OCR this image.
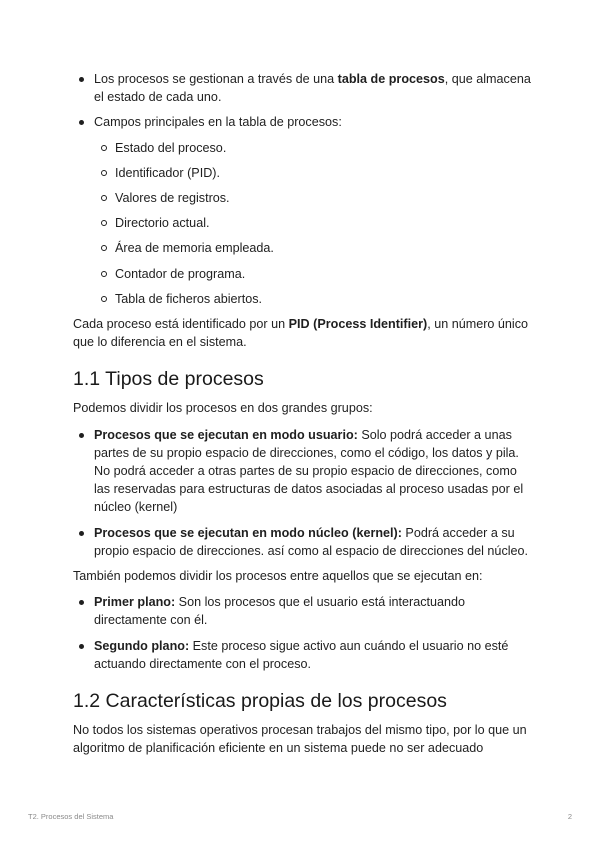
Los procesos se gestionan a través de una tabla de procesos, que almacena el estado de cada uno.
Campos principales en la tabla de procesos:
Estado del proceso.
Identificador (PID).
Valores de registros.
Directorio actual.
Área de memoria empleada.
Contador de programa.
Tabla de ficheros abiertos.

Cada proceso está identificado por un PID (Process Identifier), un número único que lo diferencia en el sistema.

1.1 Tipos de procesos

Podemos dividir los procesos en dos grandes grupos:

Procesos que se ejecutan en modo usuario: Solo podrá acceder a unas partes de su propio espacio de direcciones, como el código, los datos y pila. No podrá acceder a otras partes de su propio espacio de direcciones, como las reservadas para estructuras de datos asociadas al proceso usadas por el núcleo (kernel)
Procesos que se ejecutan en modo núcleo (kernel): Podrá acceder a su propio espacio de direcciones. así como al espacio de direcciones del núcleo.

También podemos dividir los procesos entre aquellos que se ejecutan en:

Primer plano: Son los procesos que el usuario está interactuando directamente con él.
Segundo plano: Este proceso sigue activo aun cuándo el usuario no esté actuando directamente con el proceso.
1.2 Características propias de los procesos

No todos los sistemas operativos procesan trabajos del mismo tipo, por lo que un algoritmo de planificación eficiente en un sistema puede no ser adecuado

T2. Procesos del Sistema	2
